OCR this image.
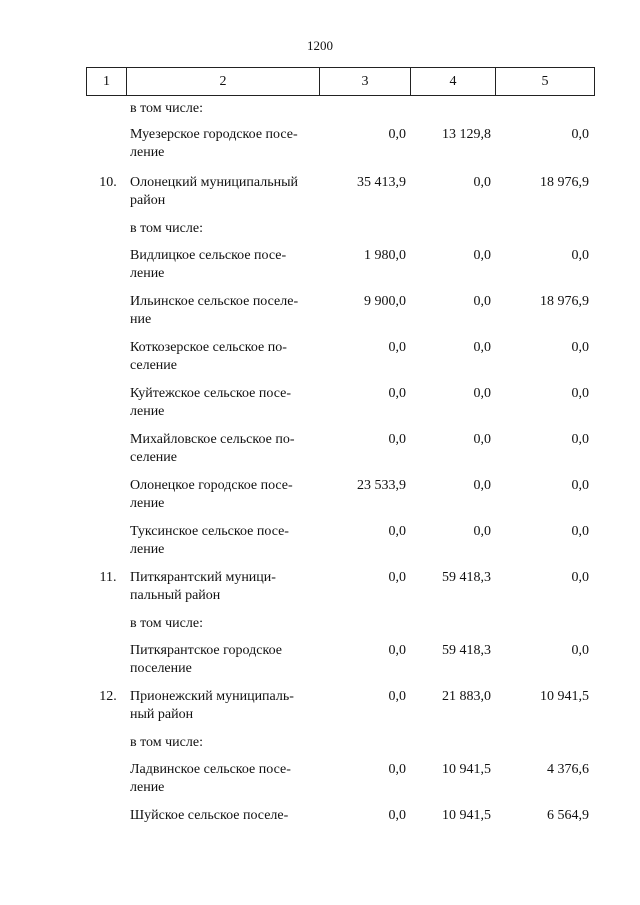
1200
1	2	3	4	5
в том числе:
Муезерское городское посе-
ление
0,0	13 129,8	0,0
10. Олонецкий муниципальный
район
35 413,9	0,0	18 976,9
в том числе:
Видлицкое сельское посе-
ление
1 980,0	0,0	0,0
Ильинское сельское поселе-
ние
9 900,0	0,0	18 976,9
Коткозерское сельское по-
селение
0,0	0,0	0,0
Куйтежское сельское посе-
ление
0,0	0,0	0,0
Михайловское сельское по-
селение
0,0	0,0	0,0
Олонецкое городское посе-
ление
23 533,9	0,0	0,0
Туксинское сельское посе-
ление
0,0	0,0	0,0
11. Питкярантский муници-
пальный район
0,0	59 418,3	0,0
в том числе:
Питкярантское городское
поселение
0,0	59 418,3	0,0
12. Прионежский муниципаль-
ный район
0,0	21 883,0	10 941,5
в том числе:
Ладвинское сельское посе-
ление
0,0	10 941,5	4 376,6
Шуйское сельское поселе-	0,0	10 941,5	6 564,9
